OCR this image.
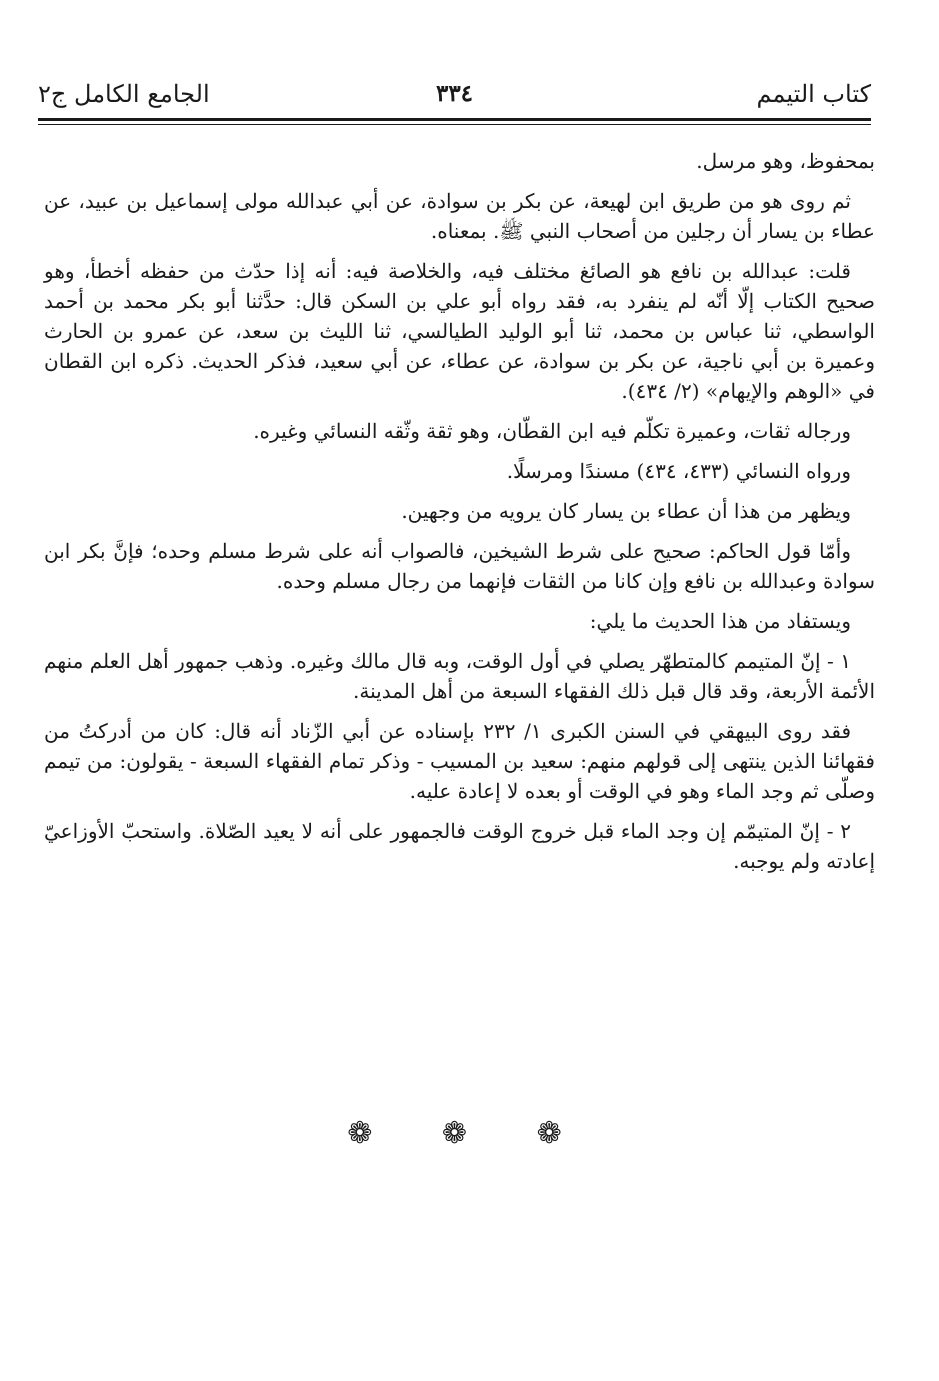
كتاب التيمم
٣٣٤
الجامع الكامل ج٢

بمحفوظ، وهو مرسل.

ثم روى هو من طريق ابن لهيعة، عن بكر بن سوادة، عن أبي عبدالله مولى إسماعيل بن عبيد، عن عطاء بن يسار أن رجلين من أصحاب النبي ﷺ. بمعناه.

قلت: عبدالله بن نافع هو الصائغ مختلف فيه، والخلاصة فيه: أنه إذا حدّث من حفظه أخطأ، وهو صحيح الكتاب إلّا أنّه لم ينفرد به، فقد رواه أبو علي بن السكن قال: حدَّثنا أبو بكر محمد بن أحمد الواسطي، ثنا عباس بن محمد، ثنا أبو الوليد الطيالسي، ثنا الليث بن سعد، عن عمرو بن الحارث وعميرة بن أبي ناجية، عن بكر بن سوادة، عن عطاء، عن أبي سعيد، فذكر الحديث. ذكره ابن القطان في «الوهم والإيهام» (٢/ ٤٣٤).

ورجاله ثقات، وعميرة تكلّم فيه ابن القطّان، وهو ثقة وثّقه النسائي وغيره.

ورواه النسائي (٤٣٣، ٤٣٤) مسندًا ومرسلًا.

ويظهر من هذا أن عطاء بن يسار كان يرويه من وجهين.

وأمّا قول الحاكم: صحيح على شرط الشيخين، فالصواب أنه على شرط مسلم وحده؛ فإنَّ بكر ابن سوادة وعبدالله بن نافع وإن كانا من الثقات فإنهما من رجال مسلم وحده.

ويستفاد من هذا الحديث ما يلي:

١ - إنّ المتيمم كالمتطهّر يصلي في أول الوقت، وبه قال مالك وغيره. وذهب جمهور أهل العلم منهم الأئمة الأربعة، وقد قال قبل ذلك الفقهاء السبعة من أهل المدينة.

فقد روى البيهقي في السنن الكبرى ١/ ٢٣٢ بإسناده عن أبي الزّناد أنه قال: كان من أدركتُ من فقهائنا الذين ينتهى إلى قولهم منهم: سعيد بن المسيب - وذكر تمام الفقهاء السبعة - يقولون: من تيمم وصلّى ثم وجد الماء وهو في الوقت أو بعده لا إعادة عليه.

٢ - إنّ المتيمّم إن وجد الماء قبل خروج الوقت فالجمهور على أنه لا يعيد الصّلاة. واستحبّ الأوزاعيّ إعادته ولم يوجبه.

❁ ❁ ❁
